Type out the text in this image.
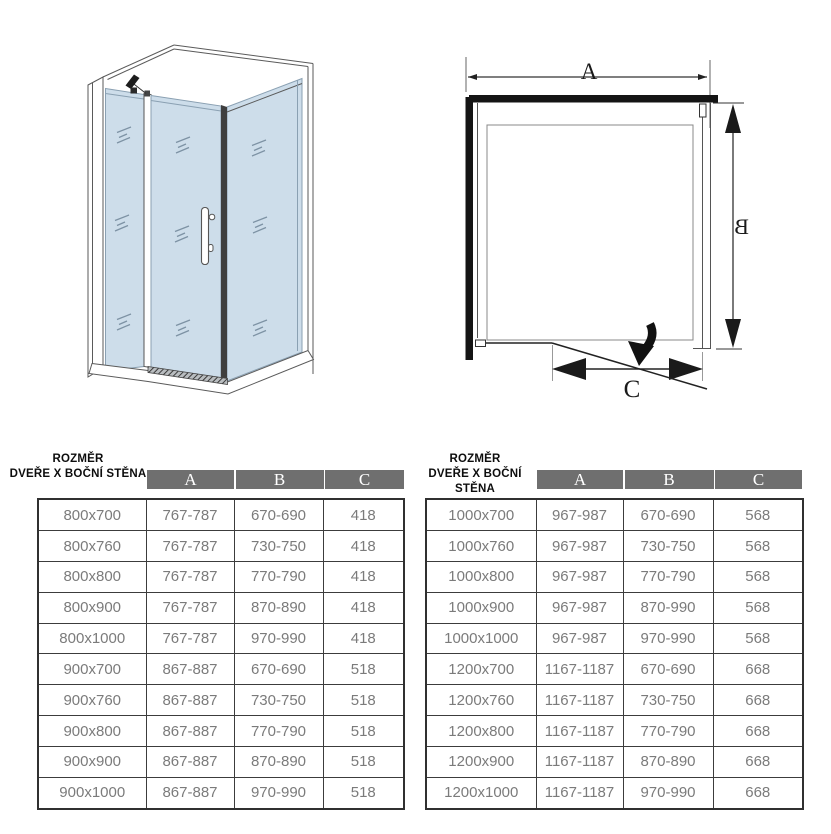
A
B
C
ROZMĚR
DVEŘE X BOČNÍ STĚNA	A	B	C
800x700	767-787	670-690	418
800x760	767-787	730-750	418
800x800	767-787	770-790	418
800x900	767-787	870-890	418
800x1000	767-787	970-990	418
900x700	867-887	670-690	518
900x760	867-887	730-750	518
900x800	867-887	770-790	518
900x900	867-887	870-890	518
900x1000	867-887	970-990	518
ROZMĚR
DVEŘE X BOČNÍ STĚNA
A	B	C
1000x700	967-987	670-690	568
1000x760	967-987	730-750	568
1000x800	967-987	770-790	568
1000x900	967-987	870-990	568
1000x1000	967-987	970-990	568
1200x700	1167-1187	670-690	668
1200x760	1167-1187	730-750	668
1200x800	1167-1187	770-790	668
1200x900	1167-1187	870-890	668
1200x1000	1167-1187	970-990	668
